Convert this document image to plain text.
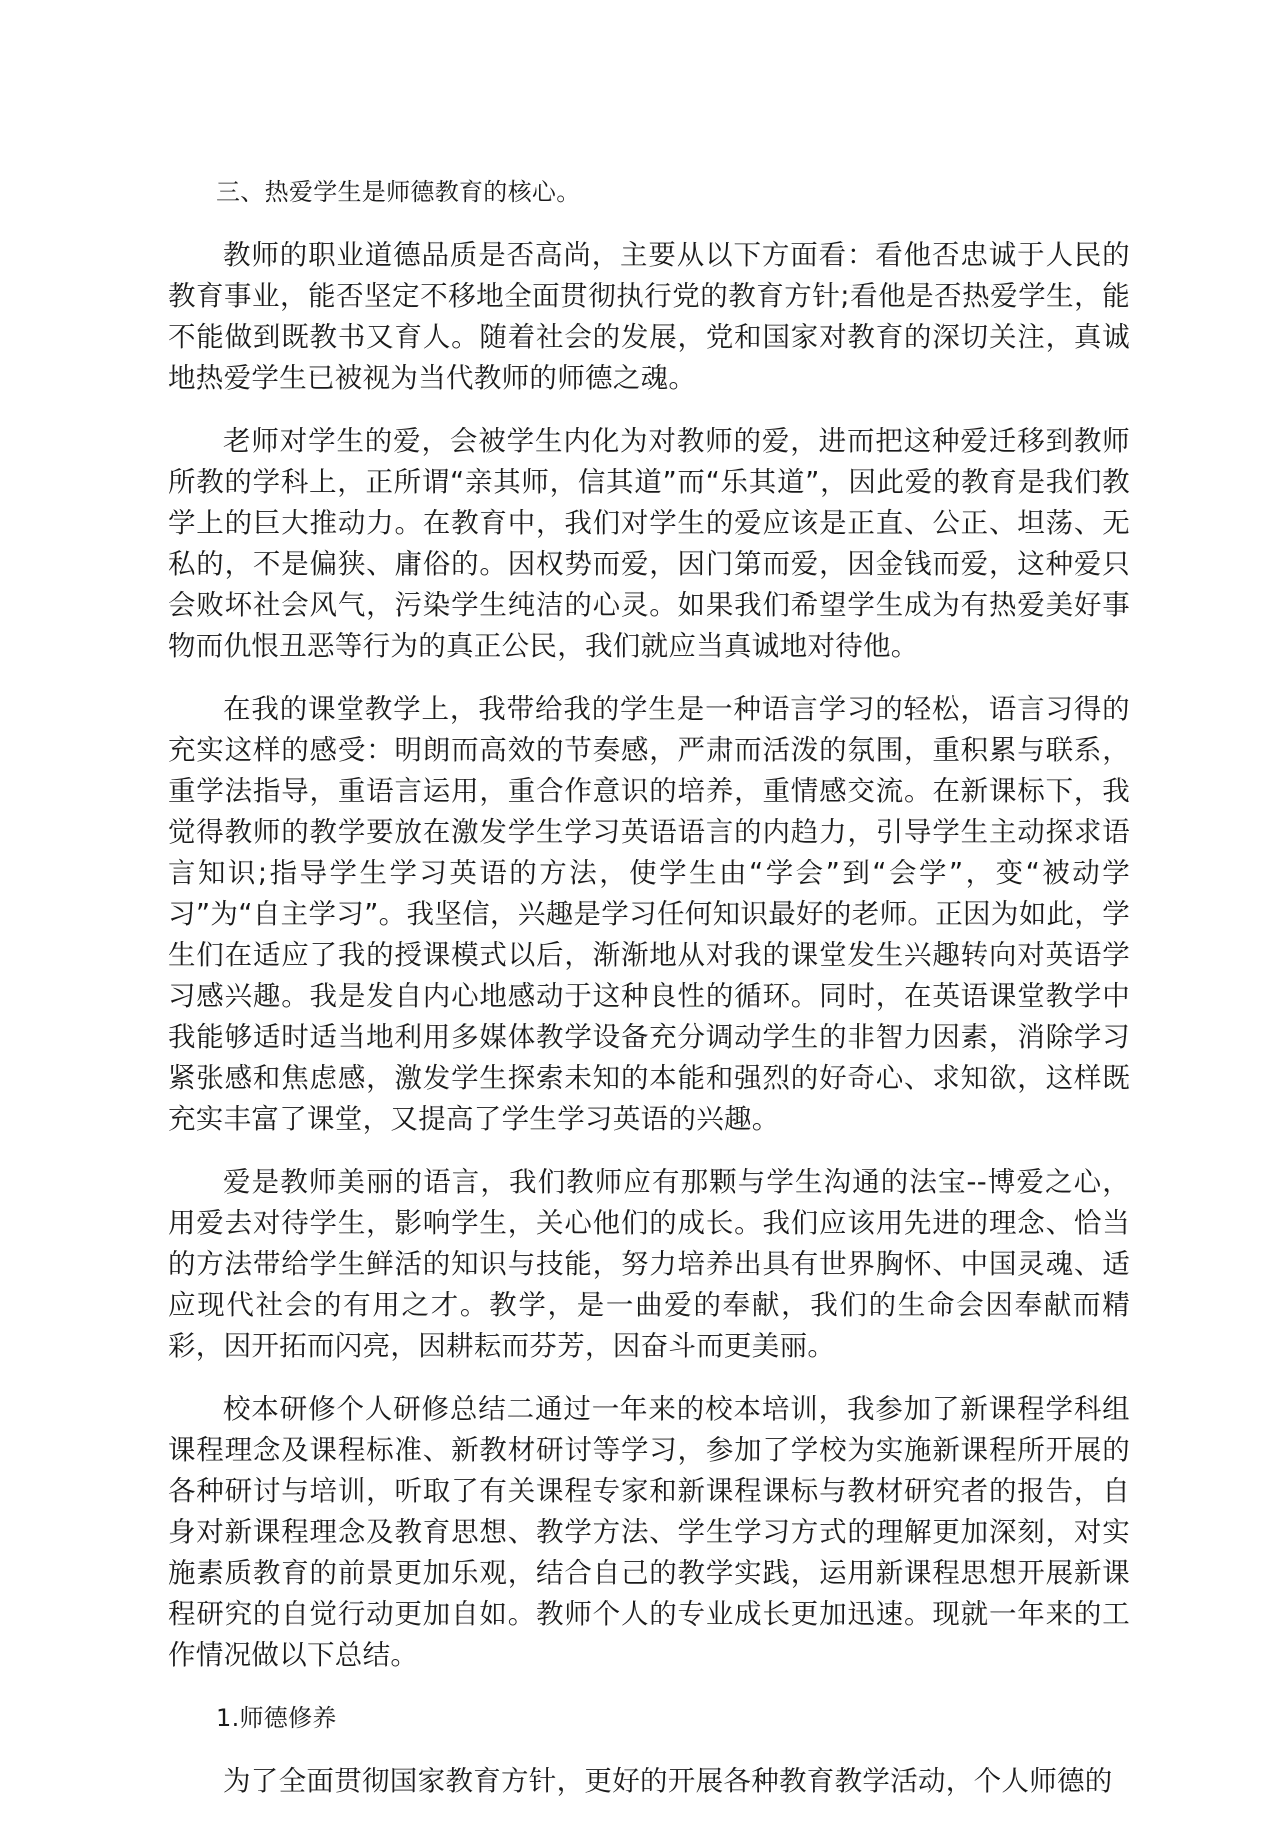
三、热爱学生是师德教育的核心。

教师的职业道德品质是否高尚，主要从以下方面看：看他否忠诚于人民的教育事业，能否坚定不移地全面贯彻执行党的教育方针;看他是否热爱学生，能不能做到既教书又育人。随着社会的发展，党和国家对教育的深切关注，真诚地热爱学生已被视为当代教师的师德之魂。

老师对学生的爱，会被学生内化为对教师的爱，进而把这种爱迁移到教师所教的学科上，正所谓“亲其师，信其道”而“乐其道”，因此爱的教育是我们教学上的巨大推动力。在教育中，我们对学生的爱应该是正直、公正、坦荡、无私的，不是偏狭、庸俗的。因权势而爱，因门第而爱，因金钱而爱，这种爱只会败坏社会风气，污染学生纯洁的心灵。如果我们希望学生成为有热爱美好事物而仇恨丑恶等行为的真正公民，我们就应当真诚地对待他。

在我的课堂教学上，我带给我的学生是一种语言学习的轻松，语言习得的充实这样的感受：明朗而高效的节奏感，严肃而活泼的氛围，重积累与联系，重学法指导，重语言运用，重合作意识的培养，重情感交流。在新课标下，我觉得教师的教学要放在激发学生学习英语语言的内趋力，引导学生主动探求语言知识;指导学生学习英语的方法，使学生由“学会”到“会学”，变“被动学习”为“自主学习”。我坚信，兴趣是学习任何知识最好的老师。正因为如此，学生们在适应了我的授课模式以后，渐渐地从对我的课堂发生兴趣转向对英语学习感兴趣。我是发自内心地感动于这种良性的循环。同时，在英语课堂教学中我能够适时适当地利用多媒体教学设备充分调动学生的非智力因素，消除学习紧张感和焦虑感，激发学生探索未知的本能和强烈的好奇心、求知欲，这样既充实丰富了课堂，又提高了学生学习英语的兴趣。

爱是教师美丽的语言，我们教师应有那颗与学生沟通的法宝--博爱之心，用爱去对待学生，影响学生，关心他们的成长。我们应该用先进的理念、恰当的方法带给学生鲜活的知识与技能，努力培养出具有世界胸怀、中国灵魂、适应现代社会的有用之才。教学，是一曲爱的奉献，我们的生命会因奉献而精彩，因开拓而闪亮，因耕耘而芬芳，因奋斗而更美丽。

校本研修个人研修总结二通过一年来的校本培训，我参加了新课程学科组课程理念及课程标准、新教材研讨等学习，参加了学校为实施新课程所开展的各种研讨与培训，听取了有关课程专家和新课程课标与教材研究者的报告，自身对新课程理念及教育思想、教学方法、学生学习方式的理解更加深刻，对实施素质教育的前景更加乐观，结合自己的教学实践，运用新课程思想开展新课程研究的自觉行动更加自如。教师个人的专业成长更加迅速。现就一年来的工作情况做以下总结。

1.师德修养

为了全面贯彻国家教育方针，更好的开展各种教育教学活动，个人师德的
